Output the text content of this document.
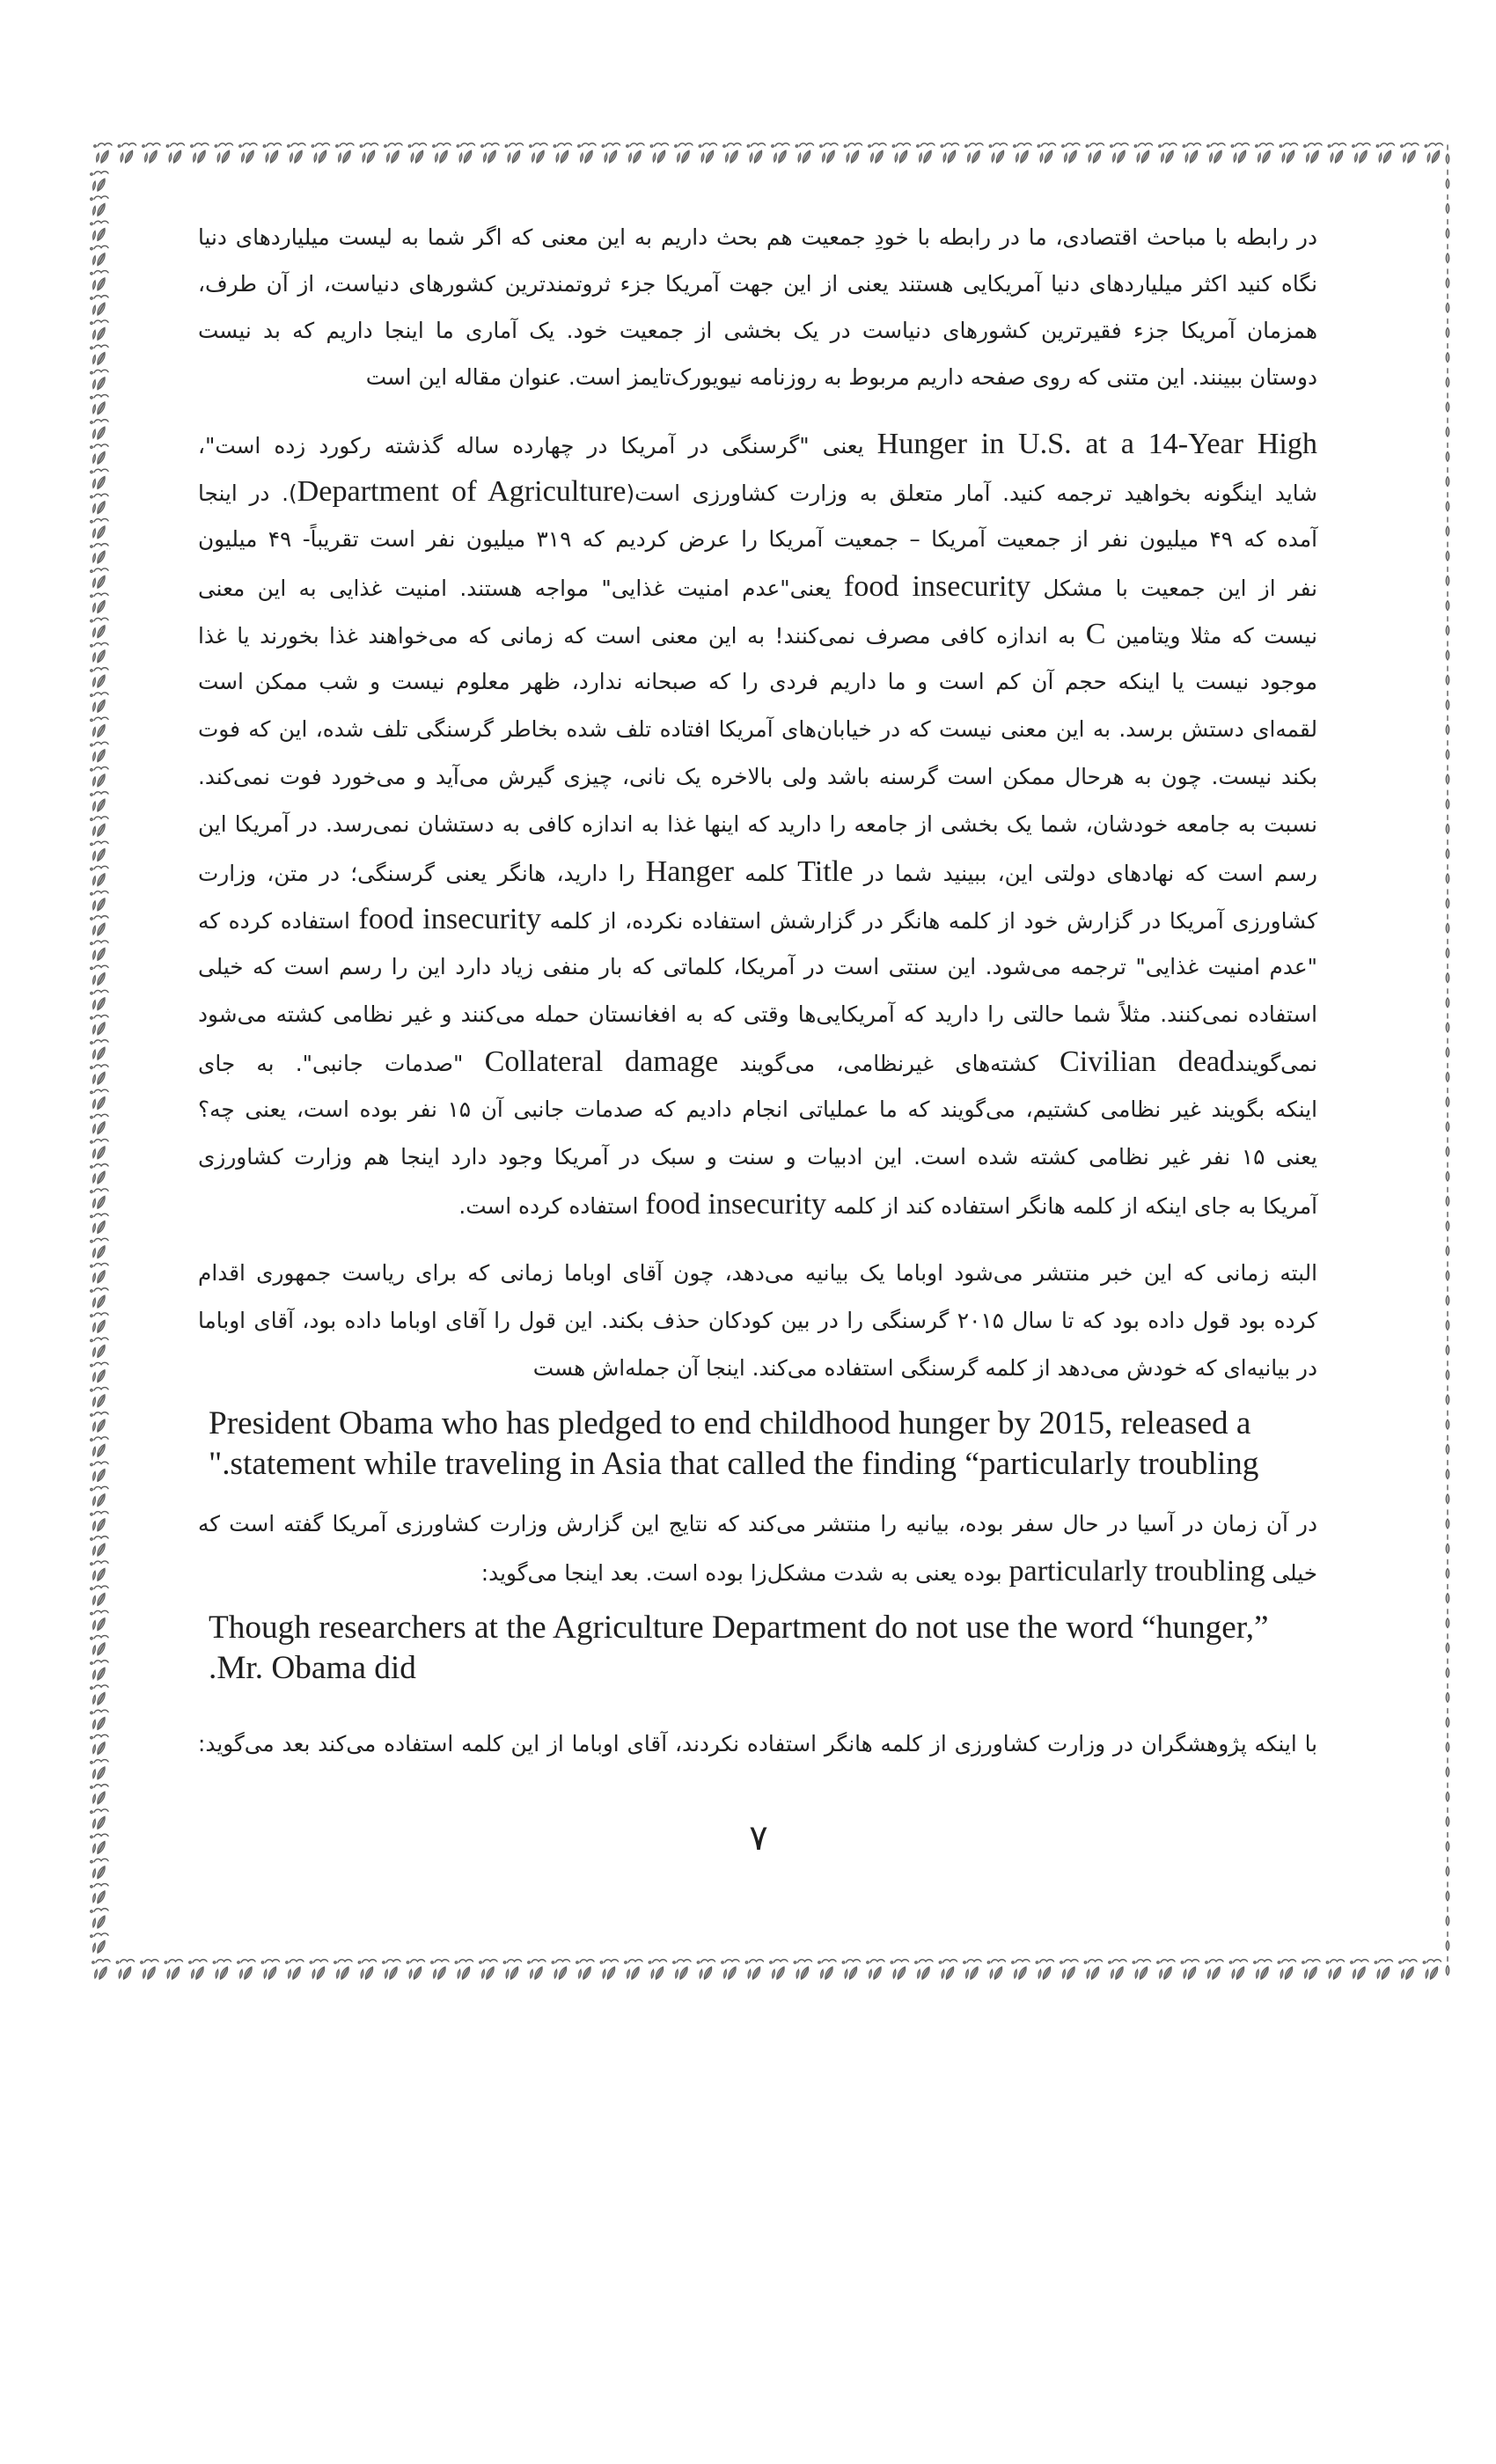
در رابطه با مباحث اقتصادی، ما در رابطه با خودِ جمعیت هم بحث داریم به این معنی که اگر شما به لیست میلیاردهای دنیا
نگاه کنید اکثر میلیاردهای دنیا آمریکایی هستند یعنی از این جهت آمریکا جزء ثروتمندترین کشورهای دنیاست، از آن طرف،
همزمان آمریکا جزء فقیرترین کشورهای دنیاست در یک بخشی از جمعیت خود. یک آماری ما اینجا داریم که بد نیست
دوستان ببینند. این متنی که روی صفحه داریم مربوط به روزنامه نیویورک‌تایمز است. عنوان مقاله این است
Hunger in U.S. at a 14-Year High یعنی "گرسنگی در آمریکا در چهارده ساله گذشته رکورد زده است"،
شاید اینگونه بخواهید ترجمه کنید. آمار متعلق به وزارت کشاورزی است(Department of Agriculture). در اینجا
آمده که ۴۹ میلیون نفر از جمعیت آمریکا – جمعیت آمریکا را عرض کردیم که ۳۱۹ میلیون نفر است تقریباً- ۴۹ میلیون
نفر از این جمعیت با مشکل food insecurity یعنی"عدم امنیت غذایی" مواجه هستند. امنیت غذایی به این معنی
نیست که مثلا ویتامین C به اندازه کافی مصرف نمی‌کنند! به این معنی است که زمانی که می‌خواهند غذا بخورند یا غذا
موجود نیست یا اینکه حجم آن کم است و ما داریم فردی را که صبحانه ندارد، ظهر معلوم نیست و شب ممکن است
لقمه‌ای دستش برسد. به این معنی نیست که در خیابان‌های آمریکا افتاده تلف شده بخاطر گرسنگی تلف شده، این که فوت
بکند نیست. چون به هرحال ممکن است گرسنه باشد ولی بالاخره یک نانی، چیزی گیرش می‌آید و می‌خورد فوت نمی‌کند.
نسبت به جامعه خودشان، شما یک بخشی از جامعه را دارید که اینها غذا به اندازه کافی به دستشان نمی‌رسد. در آمریکا این
رسم است که نهادهای دولتی این، ببینید شما در Title کلمه Hanger را دارید، هانگر یعنی گرسنگی؛ در متن، وزارت
کشاورزی آمریکا در گزارش خود از کلمه هانگر در گزارشش استفاده نکرده، از کلمه food insecurity استفاده کرده که
"عدم امنیت غذایی" ترجمه می‌شود. این سنتی است در آمریکا، کلماتی که بار منفی زیاد دارد این را رسم است که خیلی
استفاده نمی‌کنند. مثلاً شما حالتی را دارید که آمریکایی‌ها وقتی که به افغانستان حمله می‌کنند و غیر نظامی کشته می‌شود
نمی‌گویندCivilian dead کشته‌های غیرنظامی، می‌گویند Collateral damage "صدمات جانبی". به جای
اینکه بگویند غیر نظامی کشتیم، می‌گویند که ما عملیاتی انجام دادیم که صدمات جانبی آن ۱۵ نفر بوده است، یعنی چه؟
یعنی ۱۵ نفر غیر نظامی کشته شده است. این ادبیات و سنت و سبک در آمریکا وجود دارد اینجا هم وزارت کشاورزی
آمریکا به جای اینکه از کلمه هانگر استفاده کند از کلمه food insecurity استفاده کرده است.
البته زمانی که این خبر منتشر می‌شود اوباما یک بیانیه می‌دهد، چون آقای اوباما زمانی که برای ریاست جمهوری اقدام
کرده بود قول داده بود که تا سال ۲۰۱۵ گرسنگی را در بین کودکان حذف بکند. این قول را آقای اوباما داده بود، آقای اوباما
در بیانیه‌ای که خودش می‌دهد از کلمه گرسنگی استفاده می‌کند. اینجا آن جمله‌اش هست
President Obama who has pledged to end childhood hunger by 2015, released a
".statement while traveling in Asia that called the finding “particularly troubling
در آن زمان در آسیا در حال سفر بوده، بیانیه را منتشر می‌کند که نتایج این گزارش وزارت کشاورزی آمریکا گفته است که
خیلی particularly troubling بوده یعنی به شدت مشکل‌زا بوده است. بعد اینجا می‌گوید:
Though researchers at the Agriculture Department do not use the word “hunger,”
.Mr. Obama did
با اینکه پژوهشگران در وزارت کشاورزی از کلمه هانگر استفاده نکردند، آقای اوباما از این کلمه استفاده می‌کند بعد می‌گوید:
۷
